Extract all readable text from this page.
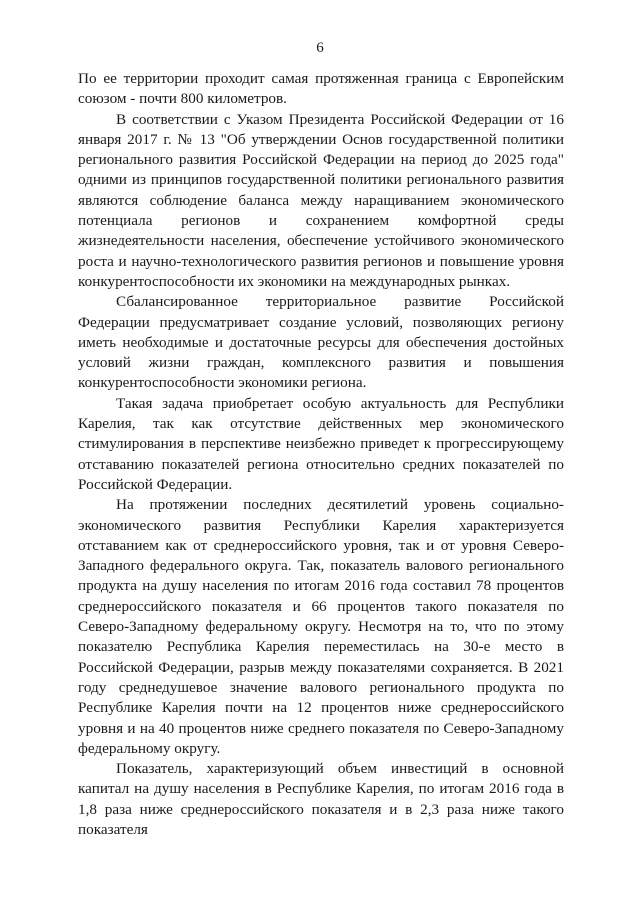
6

По ее территории проходит самая протяженная граница с Европейским союзом - почти 800 километров.

В соответствии с Указом Президента Российской Федерации от 16 января 2017 г. № 13 "Об утверждении Основ государственной политики регионального развития Российской Федерации на период до 2025 года" одними из принципов государственной политики регионального развития являются соблюдение баланса между наращиванием экономического потенциала регионов и сохранением комфортной среды жизнедеятельности населения, обеспечение устойчивого экономического роста и научно-технологического развития регионов и повышение уровня конкурентоспособности их экономики на международных рынках.

Сбалансированное территориальное развитие Российской Федерации предусматривает создание условий, позволяющих региону иметь необходимые и достаточные ресурсы для обеспечения достойных условий жизни граждан, комплексного развития и повышения конкурентоспособности экономики региона.

Такая задача приобретает особую актуальность для Республики Карелия, так как отсутствие действенных мер экономического стимулирования в перспективе неизбежно приведет к прогрессирующему отставанию показателей региона относительно средних показателей по Российской Федерации.

На протяжении последних десятилетий уровень социально-экономического развития Республики Карелия характеризуется отставанием как от среднероссийского уровня, так и от уровня Северо-Западного федерального округа. Так, показатель валового регионального продукта на душу населения по итогам 2016 года составил 78 процентов среднероссийского показателя и 66 процентов такого показателя по Северо-Западному федеральному округу. Несмотря на то, что по этому показателю Республика Карелия переместилась на 30-е место в Российской Федерации, разрыв между показателями сохраняется. В 2021 году среднедушевое значение валового регионального продукта по Республике Карелия почти на 12 процентов ниже среднероссийского уровня и на 40 процентов ниже среднего показателя по Северо-Западному федеральному округу.

Показатель, характеризующий объем инвестиций в основной капитал на душу населения в Республике Карелия, по итогам 2016 года в 1,8 раза ниже среднероссийского показателя и в 2,3 раза ниже такого показателя
